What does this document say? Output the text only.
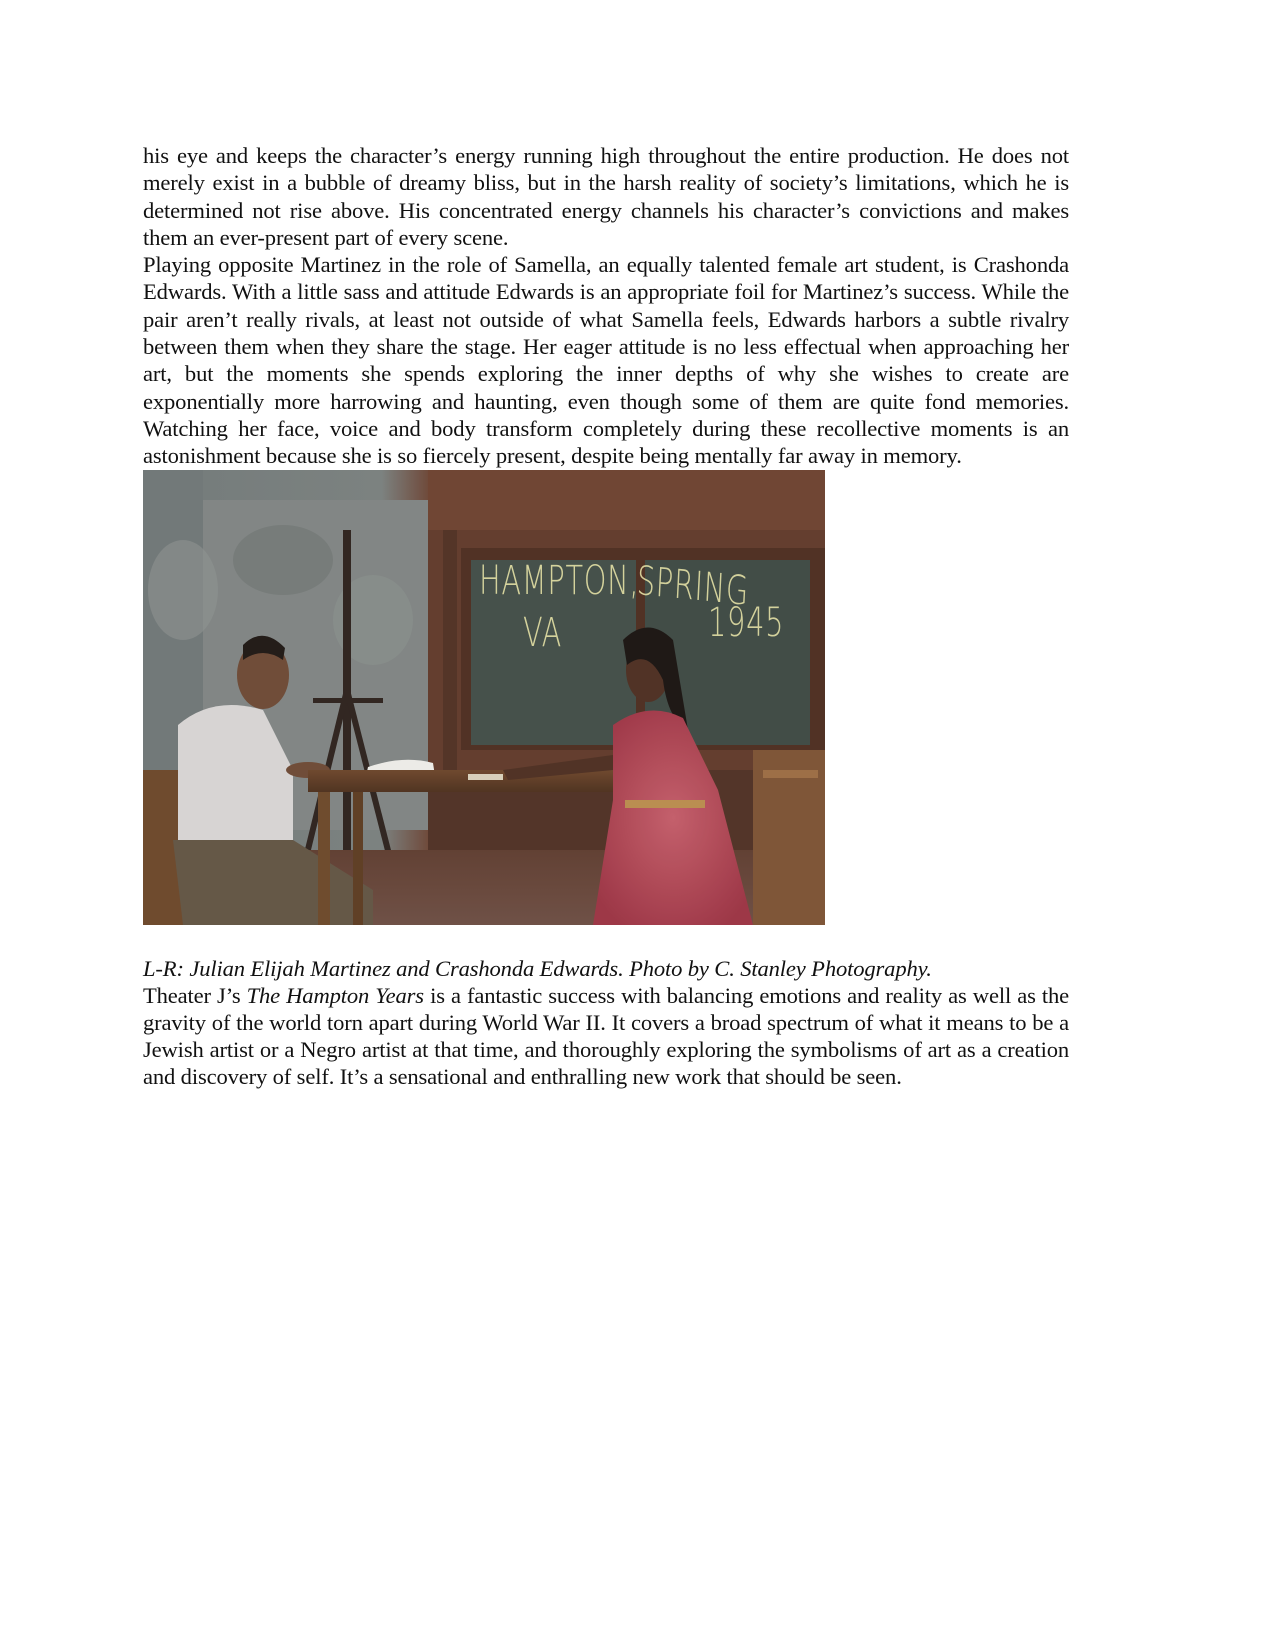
his eye and keeps the character’s energy running high throughout the entire production. He does not merely exist in a bubble of dreamy bliss, but in the harsh reality of society’s limitations, which he is determined not rise above. His concentrated energy channels his character’s convictions and makes them an ever-present part of every scene.

Playing opposite Martinez in the role of Samella, an equally talented female art student, is Crashonda Edwards. With a little sass and attitude Edwards is an appropriate foil for Martinez’s success. While the pair aren’t really rivals, at least not outside of what Samella feels, Edwards harbors a subtle rivalry between them when they share the stage. Her eager attitude is no less effectual when approaching her art, but the moments she spends exploring the inner depths of why she wishes to create are exponentially more harrowing and haunting, even though some of them are quite fond memories. Watching her face, voice and body transform completely during these recollective moments is an astonishment because she is so fiercely present, despite being mentally far away in memory.

HAMPTON,
SPRING
VA	1945

L-R: Julian Elijah Martinez and Crashonda Edwards. Photo by C. Stanley Photography.

Theater J’s The Hampton Years is a fantastic success with balancing emotions and reality as well as the gravity of the world torn apart during World War II. It covers a broad spectrum of what it means to be a Jewish artist or a Negro artist at that time, and thoroughly exploring the symbolisms of art as a creation and discovery of self. It’s a sensational and enthralling new work that should be seen.
